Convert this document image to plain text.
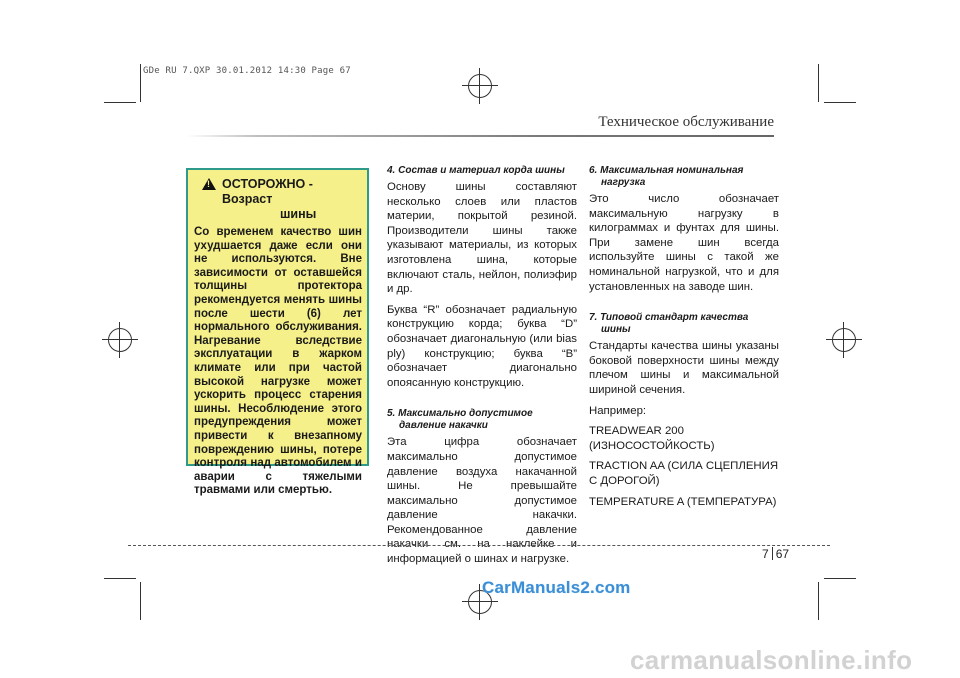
GDe RU 7.QXP 30.01.2012 14:30 Page 67
Техническое обслуживание
! ОСТОРОЖНО - Возраст
шины
Со временем качество шин ухудшается даже если они не используются. Вне зависимости от оставшейся толщины протектора рекомендуется менять шины после шести (6) лет нормального обслуживания. Нагревание вследствие эксплуатации в жарком климате или при частой высокой нагрузке может ускорить процесс старения шины. Несоблюдение этого предупреждения может привести к внезапному повреждению шины, потере контроля над автомобилем и аварии с тяжелыми травмами или смертью.
4. Состав и материал корда шины

Основу шины составляют несколько слоев или пластов материи, покрытой резиной. Производители шины также указывают материалы, из которых изготовлена шина, которые включают сталь, нейлон, полиэфир и др.

Буква “R” обозначает радиальную конструкцию корда; буква “D” обозначает диагональную (или bias ply) конструкцию; буква “B” обозначает диагонально опоясанную конструкцию.

5. Максимально допустимое
давление накачки

Эта цифра обозначает максимально допустимое давление воздуха накачанной шины. Не превышайте максимально допустимое давление накачки. Рекомендованное давление накачки см. на наклейке и информацией о шинах и нагрузке.

6. Максимальная номинальная
нагрузка

Это число обозначает максимальную нагрузку в килограммах и фунтах для шины. При замене шин всегда используйте шины с такой же номинальной нагрузкой, что и для установленных на заводе шин.

7. Типовой стандарт качества
шины

Стандарты качества шины указаны боковой поверхности шины между плечом шины и максимальной шириной сечения.

Например:

TREADWEAR 200 (ИЗНОСОСТОЙКОСТЬ)

TRACTION AA (СИЛА СЦЕПЛЕНИЯ С ДОРОГОЙ)

TEMPERATURE A (ТЕМПЕРАТУРА)

7 67
CarManuals2.com
carmanualsonline.info
